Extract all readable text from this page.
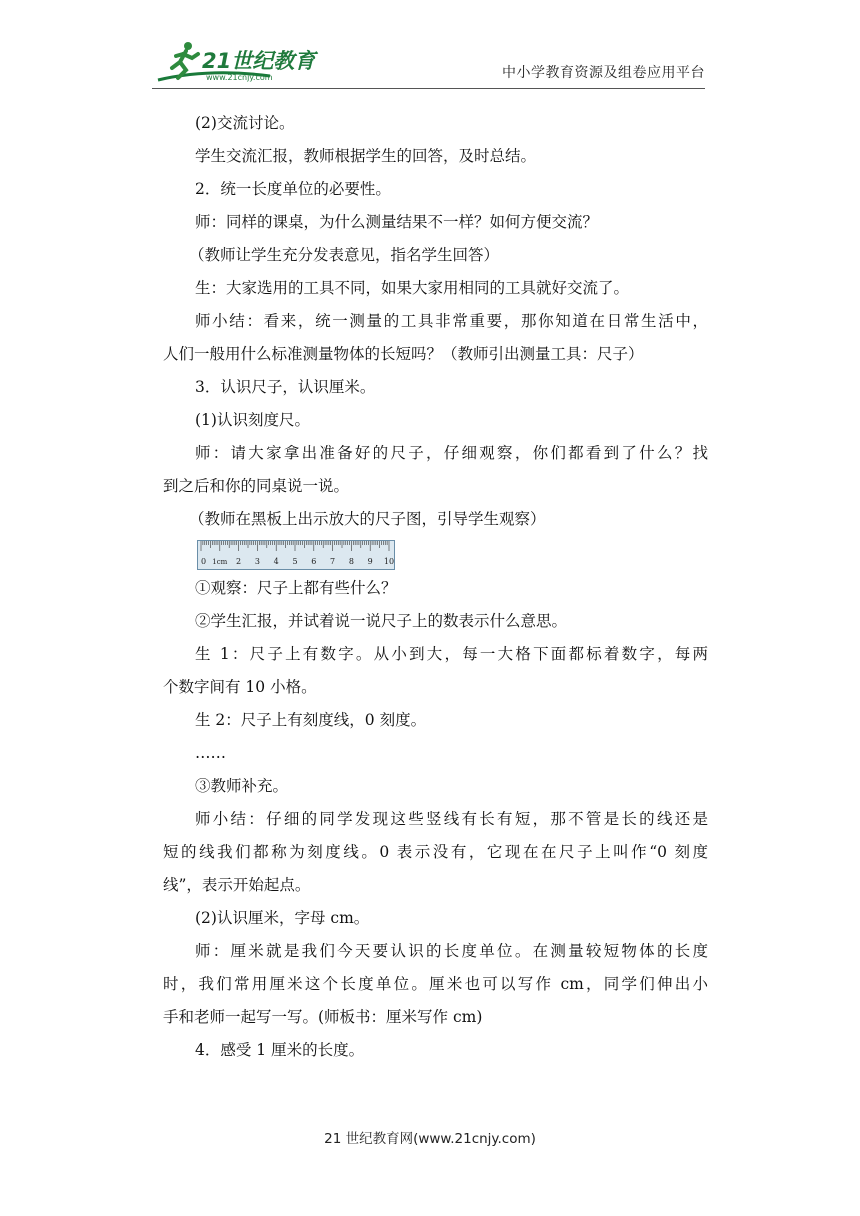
21世纪教育
www.21cnjy.com	中小学教育资源及组卷应用平台

(2)交流讨论。

学生交流汇报，教师根据学生的回答，及时总结。

2．统一长度单位的必要性。

师：同样的课桌，为什么测量结果不一样？如何方便交流？

（教师让学生充分发表意见，指名学生回答）

生：大家选用的工具不同，如果大家用相同的工具就好交流了。

师小结：看来，统一测量的工具非常重要，那你知道在日常生活中，

人们一般用什么标准测量物体的长短吗？（教师引出测量工具：尺子）

3．认识尺子，认识厘米。

(1)认识刻度尺。

师：请大家拿出准备好的尺子，仔细观察，你们都看到了什么？找

到之后和你的同桌说一说。

（教师在黑板上出示放大的尺子图，引导学生观察）

0 1cm 2 3 4 5 6 7 8 9 10

①观察：尺子上都有些什么？

②学生汇报，并试着说一说尺子上的数表示什么意思。

生 1：尺子上有数字。从小到大，每一大格下面都标着数字，每两

个数字间有 10 小格。

生 2：尺子上有刻度线，0 刻度。

……

③教师补充。

师小结：仔细的同学发现这些竖线有长有短，那不管是长的线还是

短的线我们都称为刻度线。0 表示没有，它现在在尺子上叫作“0 刻度

线”，表示开始起点。

(2)认识厘米，字母 cm。

师：厘米就是我们今天要认识的长度单位。在测量较短物体的长度

时，我们常用厘米这个长度单位。厘米也可以写作 cm，同学们伸出小

手和老师一起写一写。(师板书：厘米写作 cm)

4．感受 1 厘米的长度。

21 世纪教育网(www.21cnjy.com)
